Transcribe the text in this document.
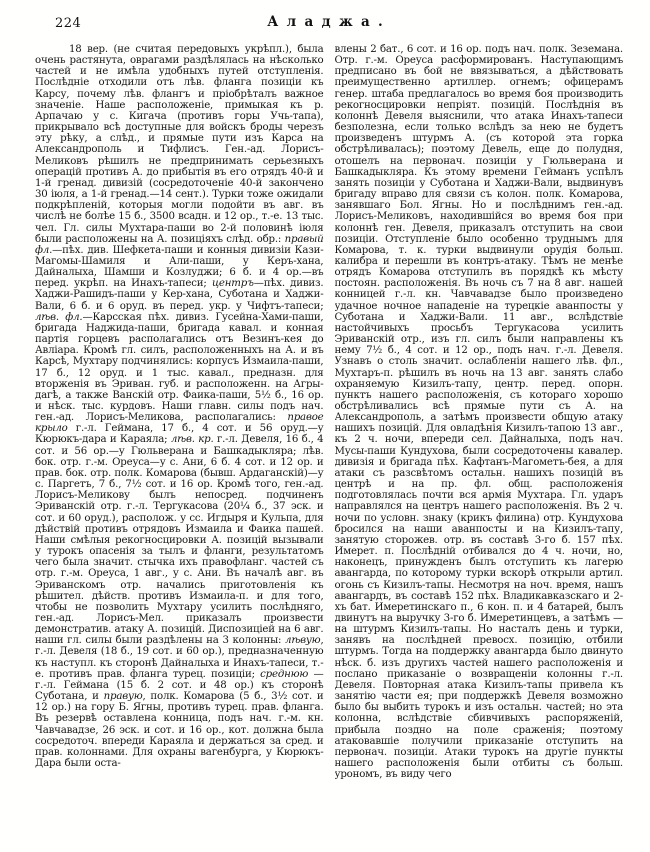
224	Аладжа.

18 вер. (не считая передовыхъ укрѣпл.), была очень растянута, оврагами раздѣлялась на нѣсколько частей и не имѣла удобныхъ путей отступленія. Послѣдніе отходили отъ лѣв. фланга позиціи къ Карсу, почему лѣв. флангъ и пріобрѣталъ важное значеніе. Наше расположеніе, примыкая къ р. Арпачаю у с. Кигача (противъ горы Учь-тапа), прикрывало всѣ доступные для войскъ броды черезъ эту рѣку, а слѣд., и прямые пути изъ Карса на Александрополь и Тифлисъ. Ген.-ад. Лорисъ-Меликовъ рѣшилъ не предпринимать серьезныхъ операцій противъ А. до прибытія въ его отрядъ 40-й и 1-й гренад. дивизій (сосредоточеніе 40-й закончено 30 іюля, а 1-й гренад.—14 сент.). Турки тоже ожидали подкрѣпленій, которыя могли подойти въ авг. въ числѣ не болѣе 15 б., 3500 всадн. и 12 ор., т.-е. 13 тыс. чел. Гл. силы Мухтара-паши во 2-й половинѣ іюля были расположены на А. позиціяхъ слѣд. обр.: правый фл.—пѣх. див. Шефкета-паши и конныя дивизіи Кази-Магомы-Шамиля и Али-паши, у Керъ-хана, Дайналыха, Шамши и Козлуджи; 6 б. и 4 ор.—въ перед. укрѣп. на Инахъ-тапеси; центръ—пѣх. дивиз. Хаджи-Рашидъ-паши у Кер-хана, Суботана и Хаджи-Вали, 6 б. и 6 оруд. въ перед. укр. у Чифтъ-тапеси; лѣв. фл.—Карсская пѣх. дивиз. Гусейна-Хами-паши, бригада Наджида-паши, бригада кавал. и конная партія горцевъ располагались отъ Везинъ-кея до Авліара. Кромѣ гл. силъ, расположенныхъ на А. и въ Карсѣ, Мухтару подчинялись: корпусъ Измаила-паши, 17 б., 12 оруд. и 1 тыс. кавал., предназн. для вторженія въ Эриван. губ. и расположенн. на Агры-дагѣ, а также Ванскій отр. Фаика-паши, 5½ б., 16 ор. и нѣск. тыс. курдовъ. Наши главн. силы подъ нач. ген.-ад. Лорисъ-Меликова, располагались: правое крыло г.-л. Геймана, 17 б., 4 сот. и 56 оруд.—у Кюрюкъ-дара и Караяла; лѣв. кр. г.-л. Девеля, 16 б., 4 сот. и 56 ор.—у Гюльверана и Башкадыкляра; лѣв. бок. отр. г.-м. Ореуса—у с. Ани, 6 б. 4 сот. и 12 ор. и прав. бок. отр. полк. Комарова (бывш. Ардаганскій)—у с. Паргетъ, 7 б., 7½ сот. и 16 ор. Кромѣ того, ген.-ад. Лорисъ-Меликову былъ непосред. подчиненъ Эриванскій отр. г.-л. Тергукасова (20¼ б., 37 эск. и сот. и 60 оруд.), располож. у сс. Игдыря и Кульпа, для дѣйствій противъ отрядовъ Измаила и Фаика пашей. Наши смѣлыя рекогносцировки А. позицій вызывали у турокъ опасенія за тылъ и фланги, результатомъ чего была значит. стычка ихъ правофланг. частей съ отр. г.-м. Ореуса, 1 авг., у с. Ани. Въ началѣ авг. въ Эриванскомъ отр. начались приготовленія къ рѣшител. дѣйств. противъ Измаила-п. и для того, чтобы не позволить Мухтару усилить послѣдняго, ген.-ад. Лорисъ-Мел. приказалъ произвести демонстратив. атаку А. позицій. Диспозиціей на 6 авг. наши гл. силы были раздѣлены на 3 колонны: лѣвую, г.-л. Девеля (18 б., 19 сот. и 60 ор.), предназначенную къ наступл. къ сторонѣ Дайналыха и Инахъ-тапеси, т.-е. противъ прав. фланга турец. позиціи; среднюю — г.-л. Геймана (15 б. 2 сот. и 48 ор.) къ сторонѣ Суботана, и правую, полк. Комарова (5 б., 3½ сот. и 12 ор.) на гору Б. Ягны, противъ турец. прав. фланга. Въ резервѣ оставлена конница, подъ нач. г.-м. кн. Чавчавадзе, 26 эск. и сот. и 16 ор., кот. должна была сосредоточ. впереди Караяла и держаться за сред. и прав. колоннами. Для охраны вагенбурга, у Кюрюкъ-Дара были оста-

влены 2 бат., 6 сот. и 16 ор. подъ нач. полк. Зеземана. Отр. г.-м. Ореуса расформированъ. Наступающимъ предписано въ бой не ввязываться, а дѣйствовать преимущественно артиллер. огнемъ; офицерамъ генер. штаба предлагалось во время боя производить рекогносцировки непріят. позицій. Послѣднія въ колоннѣ Девеля выяснили, что атака Инахъ-тапеси безполезна, если только вслѣдъ за нею не будетъ произведенъ штурмъ А. (съ которой эта горка обстрѣливалась); поэтому Девель, еще до полудня, отошелъ на первонач. позиціи у Гюльверана и Башкадыкляра. Къ этому времени Гейманъ успѣлъ занять позиціи у Суботана и Хаджи-Вали, выдвинувъ бригаду вправо для связи съ колон. полк. Комарова, занявшаго Бол. Ягны. Но и послѣднимъ ген.-ад. Лорисъ-Меликовъ, находившійся во время боя при колоннѣ ген. Девеля, приказалъ отступить на свои позиціи. Отступленіе было особенно труднымъ для Комарова, т. к. турки выдвинули орудія больш. калибра и перешли въ контръ-атаку. Тѣмъ не менѣе отрядъ Комарова отступилъ въ порядкѣ къ мѣсту постоян. расположенія. Въ ночь съ 7 на 8 авг. нашей конницей г.-л. кн. Чавчавадзе было произведено удачное ночное нападеніе на турецкіе аванпосты у Суботана и Хаджи-Вали. 11 авг., вслѣдствіе настойчивыхъ просьбъ Тергукасова усилить Эриванскій отр., изъ гл. силъ были направлены къ нему 7½ б., 4 сот. и 12 ор., подъ нач. г.-л. Девеля. Узнавъ о столь значит. ослабленіи нашего лѣв. фл., Мухтаръ-п. рѣшилъ въ ночь на 13 авг. занять слабо охраняемую Кизилъ-тапу, центр. перед. опорн. пунктъ нашего расположенія, съ котораго хорошо обстрѣливались всѣ прямые пути съ А. на Александрополь, а затѣмъ произвести общую атаку нашихъ позицій. Для овладѣнія Кизилъ-тапою 13 авг., къ 2 ч. ночи, впереди сел. Дайналыха, подъ нач. Мусы-паши Кундухова, были сосредоточены кавалер. дивизія и бригада пѣх. Кафтанъ-Магометъ-бея, а для атаки съ разсвѣтомъ остальн. нашихъ позицій въ центрѣ и на пр. фл. общ. расположенія подготовлялась почти вся армія Мухтара. Гл. ударъ направлялся на центръ нашего расположенія. Въ 2 ч. ночи по условн. знаку (крикъ филина) отр. Кундухова бросился на наши аванпосты и на Кизилъ-тапу, занятую сторожев. отр. въ составѣ 3-го б. 157 пѣх. Имерет. п. Послѣдній отбивался до 4 ч. ночи, но, наконецъ, принужденъ былъ отступить къ лагерю авангарда, по которому турки вскорѣ открыли артил. огонь съ Кизилъ-тапы. Несмотря на ноч. время, нашъ авангардъ, въ составѣ 152 пѣх. Владикавказскаго и 2-хъ бат. Имеретинскаго п., 6 кон. п. и 4 батарей, былъ двинутъ на выручку 3-го б. Имеретинцевъ, а затѣмъ — на штурмъ Кизилъ-тапы. Но насталъ день и турки, занявъ на послѣдней превосх. позицію, отбили штурмъ. Тогда на поддержку авангарда было двинуто нѣск. б. изъ другихъ частей нашего расположенія и послано приказаніе о возвращеніи колонны г.-л. Девеля. Повторная атака Кизилъ-тапы привела къ занятію части ея; при поддержкѣ Девеля возможно было бы выбить турокъ и изъ остальн. частей; но эта колонна, вслѣдствіе сбивчивыхъ распоряженій, прибыла поздно на поле сраженія; поэтому атаковавшіе получили приказаніе отступить на первонач. позиціи. Атаки турокъ на другіе пункты нашего расположенія были отбиты съ больш. урономъ, въ виду чего
